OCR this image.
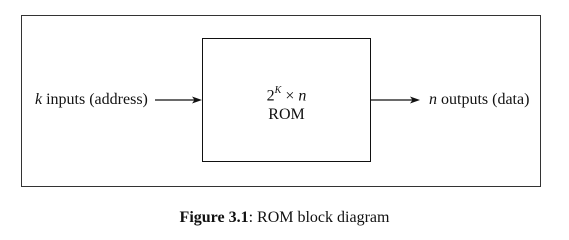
$2^K \times n$
ROM
k inputs (address)	n outputs (data)
Figure 3.1: ROM block diagram
